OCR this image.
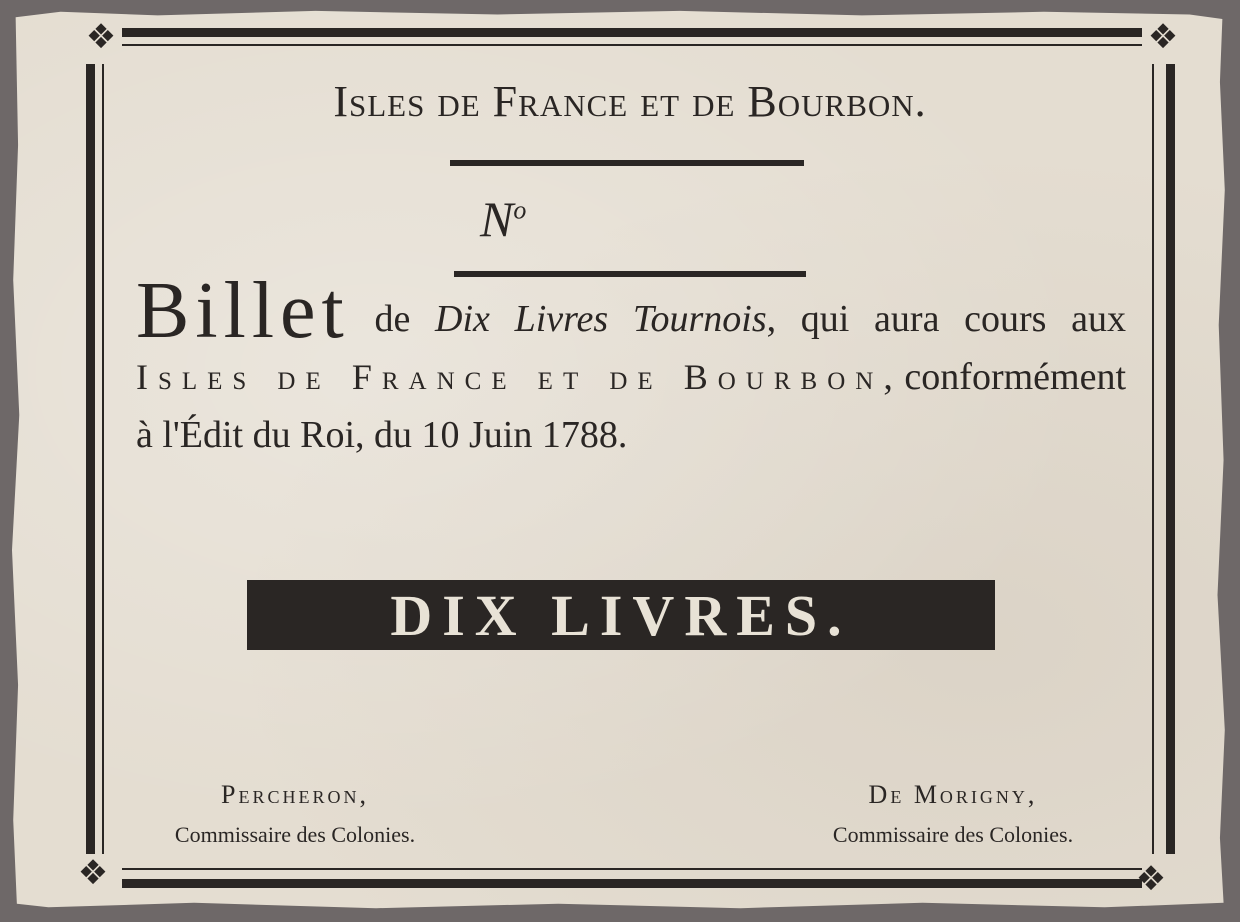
❖	❖
❖	❖
Isles de France et de Bourbon.
$N^o$
Billet de Dix Livres Tournois, qui aura cours aux Isles de France et de Bourbon, conformément à l'Édit du Roi, du 10 Juin 1788.
DIX LIVRES.
Percheron,
Commissaire des Colonies.
De Morigny,
Commissaire des Colonies.
